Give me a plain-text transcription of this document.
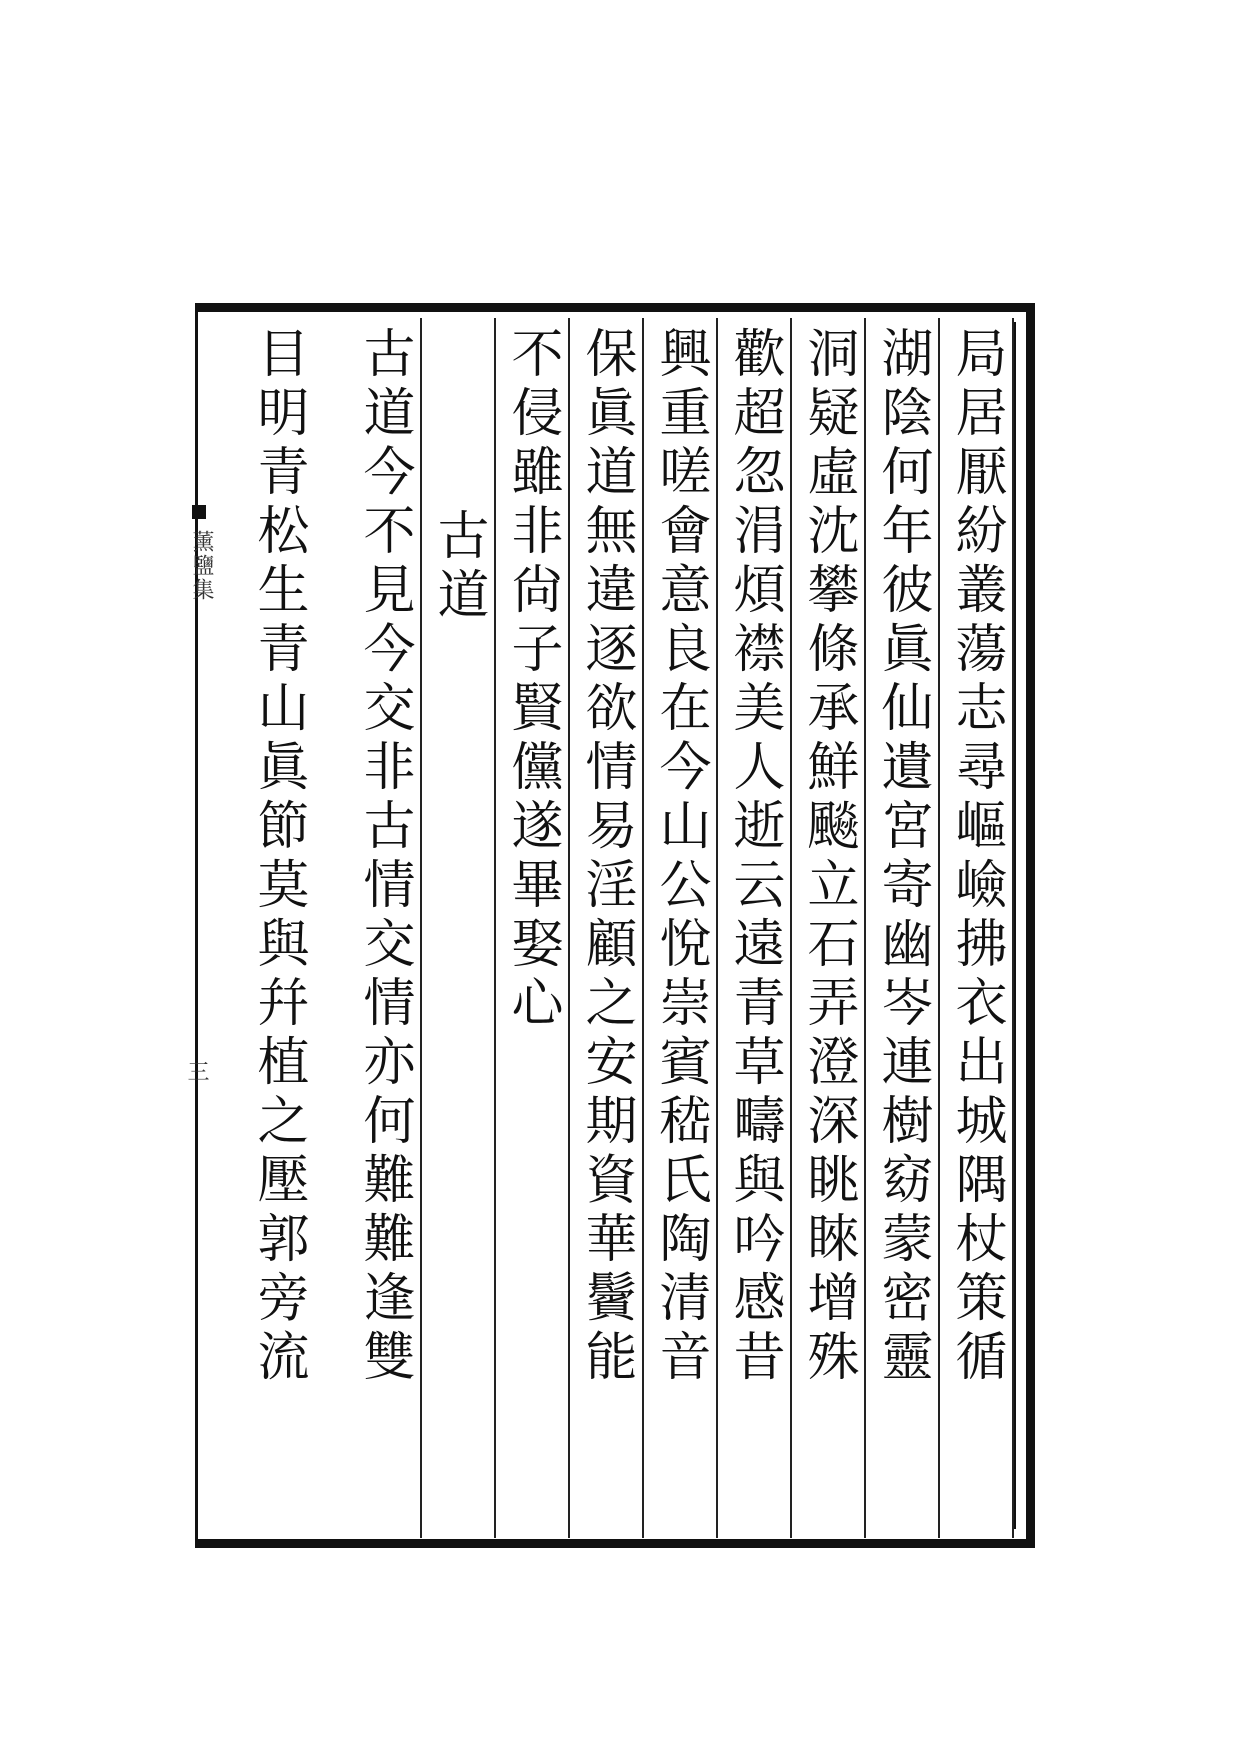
薰鹽集
三	局居厭紛叢蕩志尋嶇嶮拂衣出城隅杖策循
湖陰何年彼眞仙遺宮寄幽岑連樹窈蒙密靈
洞疑虛沈攀條承鮮飈立石弄澄深眺睞增殊
歡超忽涓煩襟美人逝云遠青草疇與吟感昔
興重嗟會意良在今山公悅崇賓嵇氏陶清音
保眞道無違逐欲情易淫顧之安期資華鬢能
不侵雖非尙子賢儻遂畢娶心
古道
古道今不見今交非古情交情亦何難難逢雙
目明青松生青山眞節莫與幷植之壓郭旁流
